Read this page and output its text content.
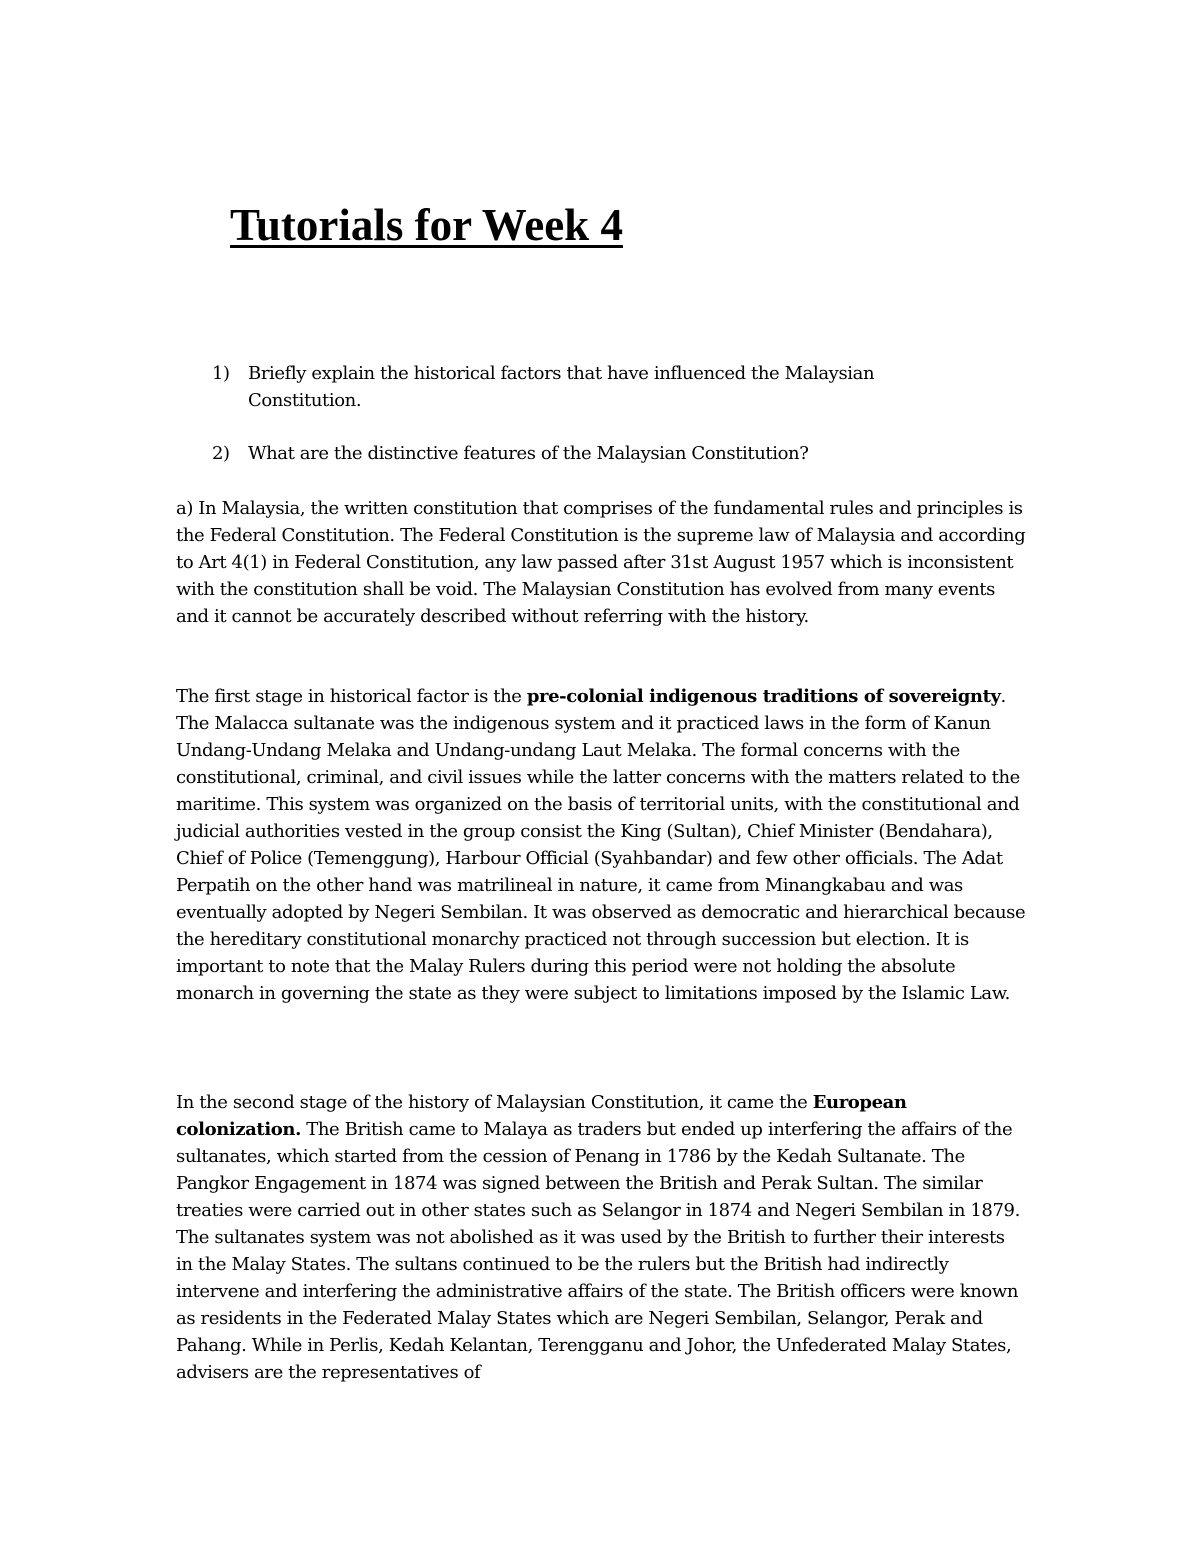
Tutorials for Week 4
1) Briefly explain the historical factors that have influenced the Malaysian Constitution.
2) What are the distinctive features of the Malaysian Constitution?

a) In Malaysia, the written constitution that comprises of the fundamental rules and principles is the Federal Constitution. The Federal Constitution is the supreme law of Malaysia and according to Art 4(1) in Federal Constitution, any law passed after 31st August 1957 which is inconsistent with the constitution shall be void. The Malaysian Constitution has evolved from many events and it cannot be accurately described without referring with the history.

The first stage in historical factor is the pre-colonial indigenous traditions of sovereignty. The Malacca sultanate was the indigenous system and it practiced laws in the form of Kanun Undang-Undang Melaka and Undang-undang Laut Melaka. The formal concerns with the constitutional, criminal, and civil issues while the latter concerns with the matters related to the maritime. This system was organized on the basis of territorial units, with the constitutional and judicial authorities vested in the group consist the King (Sultan), Chief Minister (Bendahara), Chief of Police (Temenggung), Harbour Official (Syahbandar) and few other officials. The Adat Perpatih on the other hand was matrilineal in nature, it came from Minangkabau and was eventually adopted by Negeri Sembilan. It was observed as democratic and hierarchical because the hereditary constitutional monarchy practiced not through succession but election. It is important to note that the Malay Rulers during this period were not holding the absolute monarch in governing the state as they were subject to limitations imposed by the Islamic Law.

In the second stage of the history of Malaysian Constitution, it came the European colonization. The British came to Malaya as traders but ended up interfering the affairs of the sultanates, which started from the cession of Penang in 1786 by the Kedah Sultanate. The Pangkor Engagement in 1874 was signed between the British and Perak Sultan. The similar treaties were carried out in other states such as Selangor in 1874 and Negeri Sembilan in 1879. The sultanates system was not abolished as it was used by the British to further their interests in the Malay States. The sultans continued to be the rulers but the British had indirectly intervene and interfering the administrative affairs of the state. The British officers were known as residents in the Federated Malay States which are Negeri Sembilan, Selangor, Perak and Pahang. While in Perlis, Kedah Kelantan, Terengganu and Johor, the Unfederated Malay States, advisers are the representatives of
